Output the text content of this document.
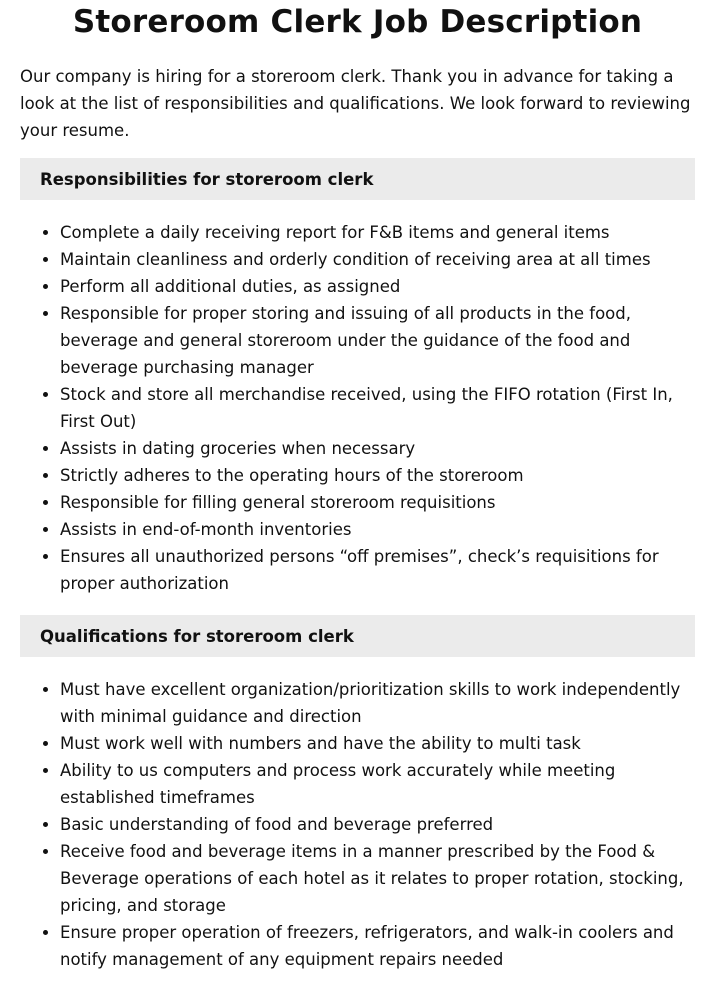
Storeroom Clerk Job Description

Our company is hiring for a storeroom clerk. Thank you in advance for taking a look at the list of responsibilities and qualifications. We look forward to reviewing your resume.

Responsibilities for storeroom clerk
• Complete a daily receiving report for F&B items and general items
• Maintain cleanliness and orderly condition of receiving area at all times
• Perform all additional duties, as assigned
• Responsible for proper storing and issuing of all products in the food, beverage and general storeroom under the guidance of the food and beverage purchasing manager
• Stock and store all merchandise received, using the FIFO rotation (First In, First Out)
• Assists in dating groceries when necessary
• Strictly adheres to the operating hours of the storeroom
• Responsible for filling general storeroom requisitions
• Assists in end-of-month inventories
• Ensures all unauthorized persons “off premises”, check’s requisitions for proper authorization
Qualifications for storeroom clerk
• Must have excellent organization/prioritization skills to work independently with minimal guidance and direction
• Must work well with numbers and have the ability to multi task
• Ability to us computers and process work accurately while meeting established timeframes
• Basic understanding of food and beverage preferred
• Receive food and beverage items in a manner prescribed by the Food & Beverage operations of each hotel as it relates to proper rotation, stocking, pricing, and storage
• Ensure proper operation of freezers, refrigerators, and walk-in coolers and notify management of any equipment repairs needed
